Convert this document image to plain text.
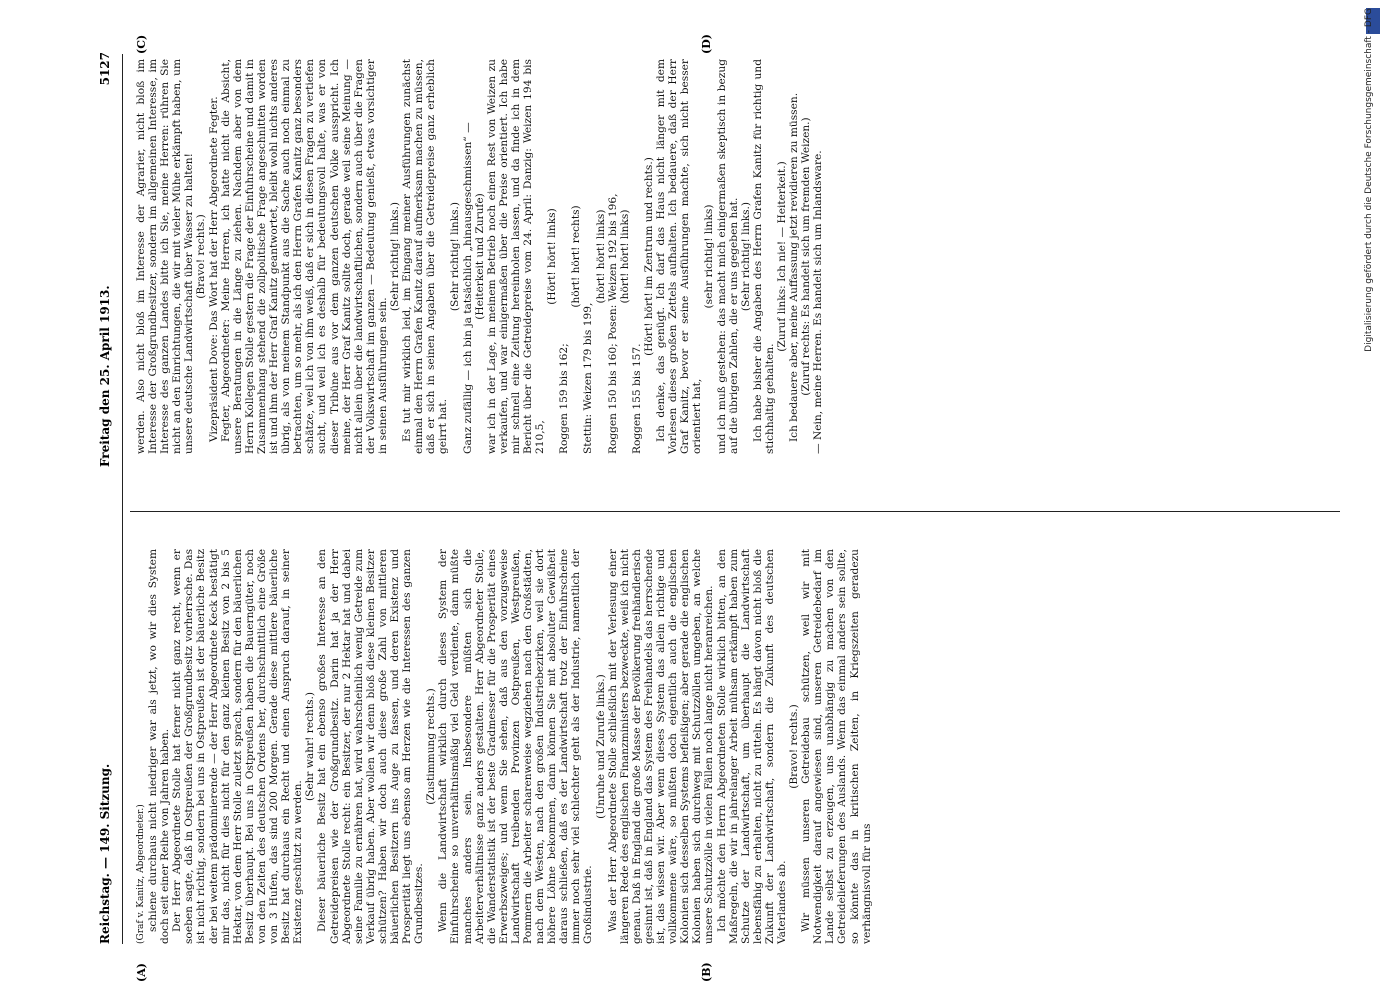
Reichstag. — 149. Sitzung.
Freitag den 25. April 1913.
5127
(A)	(B)
(C)	(D)

(Graf v. Kanitz, Abgeordneter.) schiene durchaus nicht niedriger war als jetzt, wo wir dies System doch seit einer Reihe von Jahren haben. Der Herr Abgeordnete Stolle hat ferner nicht ganz recht, wenn er soeben sagte, daß in Ostpreußen der Großgrundbesitz vorherrsche. Das ist nicht richtig, sondern bei uns in Ostpreußen ist der bäuerliche Besitz der bei weitem prädominierende — der Herr Abgeordnete Keck bestätigt mir das, nicht für dies nicht für den ganz kleinen Besitz von 2 bis 5 Hektar, von dem Herr Stolle zuletzt sprach, sondern für den bäuerlichen Besitz überhaupt. Bei uns in Ostpreußen haben die Bauerngüter, noch von den Zeiten des deutschen Ordens her, durchschnittlich eine Größe von 3 Hufen, das sind 200 Morgen. Gerade diese mittlere bäuerliche Besitz hat durchaus ein Recht und einen Anspruch darauf, in seiner Existenz geschützt zu werden.

(Sehr wahr! rechts.) Dieser bäuerliche Besitz hat ein ebenso großes Interesse an den Getreidepreisen wie der Großgrundbesitz. Darin hat ja der Herr Abgeordnete Stolle recht: ein Besitzer, der nur 2 Hektar hat und dabei seine Familie zu ernähren hat, wird wahrscheinlich wenig Getreide zum Verkauf übrig haben. Aber wollen wir denn bloß diese kleinen Besitzer schützen? Haben wir doch auch diese große Zahl von mittleren bäuerlichen Besitzern ins Auge zu fassen, und deren Existenz und Prosperität liegt uns ebenso am Herzen wie die Interessen des ganzen Grundbesitzes.

(Zustimmung rechts.) Wenn die Landwirtschaft wirklich durch dieses System der Einfuhrscheine so unverhältnismäßig viel Geld verdiente, dann müßte manches anders sein. Insbesondere müßten sich die Arbeiterverhältnisse ganz anders gestalten. Herr Abgeordneter Stolle, die Wanderstatistik ist der beste Gradmesser für die Prosperität eines Erwerbszweiges; und wenn Sie sehen, daß aus den vorzugsweise Landwirtschaft treibenden Provinzen Ostpreußen, Westpreußen, Pommern die Arbeiter scharenweise wegziehen nach den Großstädten, nach dem Westen, nach den großen Industriebezirken, weil sie dort höhere Löhne bekommen, dann können Sie mit absoluter Gewißheit daraus schließen, daß es der Landwirtschaft trotz der Einfuhrscheine immer noch sehr viel schlechter geht als der Industrie, namentlich der Großindustrie.

(Unruhe und Zurufe links.) Was der Herr Abgeordnete Stolle schließlich mit der Verlesung einer längeren Rede des englischen Finanzministers bezweckte, weiß ich nicht genau. Daß in England die große Masse der Bevölkerung freihändlerisch gesinnt ist, daß in England das System des Freihandels das herrschende ist, das wissen wir. Aber wenn dieses System das allein richtige und vollkommene wäre, so müßten doch eigentlich auch die englischen Kolonien sich desselben Systems befleißigen; aber gerade die englischen Kolonien haben sich durchweg mit Schutzzöllen umgeben, an welche unsere Schutzzölle in vielen Fällen noch lange nicht heranreichen. Ich möchte den Herrn Abgeordneten Stolle wirklich bitten, an den Maßregeln, die wir in jahrelanger Arbeit mühsam erkämpft haben zum Schutze der Landwirtschaft, um überhaupt die Landwirtschaft lebensfähig zu erhalten, nicht zu rütteln. Es hängt davon nicht bloß die Zukunft der Landwirtschaft, sondern die Zukunft des deutschen Vaterlandes ab.

(Bravo! rechts.) Wir müssen unseren Getreidebau schützen, weil wir mit Notwendigkeit darauf angewiesen sind, unseren Getreidebedarf im Lande selbst zu erzeugen, uns unabhängig zu machen von den Getreidelieferungen des Auslands. Wenn das einmal anders sein sollte, so könnte das in kritischen Zeiten, in Kriegszeiten geradezu verhängnisvoll für uns

werden. Also nicht bloß im Interesse der Agrarier, nicht bloß im Interesse der Großgrundbesitzer, sondern im allgemeinen Interesse, im Interesse des ganzen Landes bitte ich Sie, meine Herren: rühren Sie nicht an den Einrichtungen, die wir mit vieler Mühe erkämpft haben, um unsere deutsche Landwirtschaft über Wasser zu halten! (Bravo! rechts.) Vizepräsident Dove: Das Wort hat der Herr Abgeordnete Fegter. Fegter, Abgeordneter: Meine Herren, ich hatte nicht die Absicht, unsere Beratungen in die Länge zu ziehen. Nachdem aber von dem Herrn Kollegen Stolle gestern die Frage der Einfuhrscheine und damit in Zusammenhang stehend die zollpolitische Frage angeschnitten worden ist und ihm der Herr Graf Kanitz geantwortet, bleibt wohl nichts anderes übrig, als von meinem Standpunkt aus die Sache auch noch einmal zu betrachten, um so mehr, als ich den Herrn Grafen Kanitz ganz besonders schätze, weil ich von ihm weiß, daß er sich in diesen Fragen zu vertiefen sucht, und weil ich es deshalb für bedeutungsvoll halte, was er von dieser Tribüne aus vor dem ganzen deutschen Volke ausspricht. Ich meine, der Herr Graf Kanitz sollte doch, gerade weil seine Meinung — nicht allein über die landwirtschaftlichen, sondern auch über die Fragen der Volkswirtschaft im ganzen — Bedeutung genießt, etwas vorsichtiger in seinen Ausführungen sein.

(Sehr richtig! links.) Es tut mir wirklich leid, im Eingang meiner Ausführungen zunächst einmal den Herrn Grafen Kanitz darauf aufmerksam machen zu müssen, daß er sich in seinen Angaben über die Getreidepreise ganz erheblich geirrt hat.

(Sehr richtig! links.) Ganz zufällig — ich bin ja tatsächlich „hinausgeschmissen“ — (Heiterkeit und Zurufe) war ich in der Lage, in meinem Betrieb noch einen Rest von Weizen zu verkaufen, und war einigermaßen über die Preise orientiert. Ich habe mir schnell eine Zeitung hereinholen lassen, und da finde ich in dem Bericht über die Getreidepreise vom 24. April: Danzig: Weizen 194 bis 210,5,

(Hört! hört! links)

Roggen 159 bis 162;

(hört! hört! rechts)

Stettin: Weizen 179 bis 199,

(hört! hört! links) Roggen 150 bis 160; Posen: Weizen 192 bis 196, (hört! hört! links)

Roggen 155 bis 157.

(Hört! hört! im Zentrum und rechts.) Ich denke, das genügt. Ich darf das Haus nicht länger mit dem Vorlesen dieses großen Zettels aufhalten. Ich bedauere, daß der Herr Graf Kanitz, bevor er seine Ausführungen machte, sich nicht besser orientiert hat,

(sehr richtig! links) und ich muß gestehen: das macht mich einigermaßen skeptisch in bezug auf die übrigen Zahlen, die er uns gegeben hat. (Sehr richtig! links.) Ich habe bisher die Angaben des Herrn Grafen Kanitz für richtig und stichhaltig gehalten.

(Zuruf links: Ich nie! — Heiterkeit.) Ich bedauere aber, meine Auffassung jetzt revidieren zu müssen. (Zuruf rechts: Es handelt sich um fremden Weizen.) — Nein, meine Herren. Es handelt sich um Inlandsware.	Digitalisierung gefördert durch die Deutsche Forschungsgemeinschaft - DFG
